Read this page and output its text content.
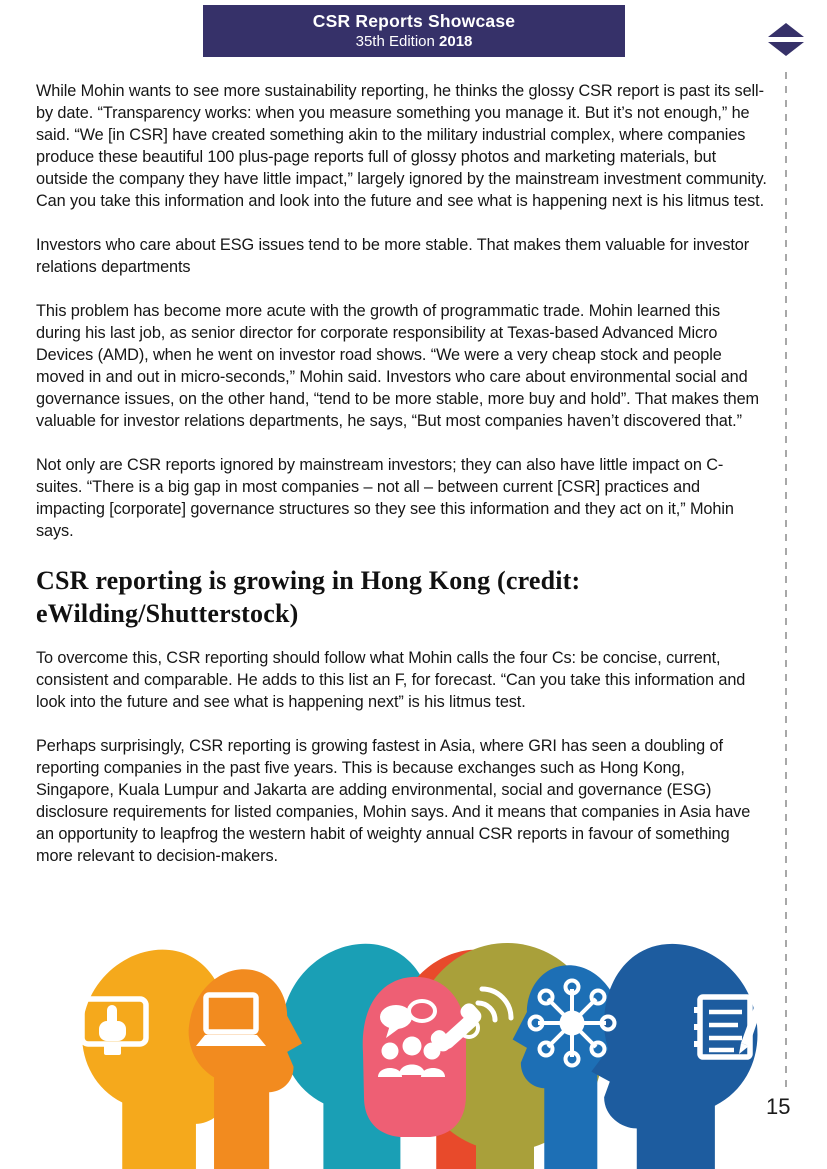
CSR Reports Showcase
35th Edition 2018

While Mohin wants to see more sustainability reporting, he thinks the glossy CSR report is past its sell-by date. “Transparency works: when you measure something you manage it. But it’s not enough,” he said. “We [in CSR] have created something akin to the military industrial complex, where companies produce these beautiful 100 plus-page reports full of glossy photos and marketing materials, but outside the company they have little impact,” largely ignored by the mainstream investment community. Can you take this information and look into the future and see what is happening next is his litmus test.

Investors who care about ESG issues tend to be more stable. That makes them valuable for investor relations departments

This problem has become more acute with the growth of programmatic trade. Mohin learned this during his last job, as senior director for corporate responsibility at Texas-based Advanced Micro Devices (AMD), when he went on investor road shows. “We were a very cheap stock and people moved in and out in micro-seconds,” Mohin said. Investors who care about environmental social and governance issues, on the other hand, “tend to be more stable, more buy and hold”. That makes them valuable for investor relations departments, he says, “But most companies haven’t discovered that.”

Not only are CSR reports ignored by mainstream investors; they can also have little impact on C-suites. “There is a big gap in most companies – not all – between current [CSR] practices and impacting [corporate] governance structures so they see this information and they act on it,” Mohin says.

CSR reporting is growing in Hong Kong (credit: eWilding/Shutterstock)

To overcome this, CSR reporting should follow what Mohin calls the four Cs: be concise, current, consistent and comparable. He adds to this list an F, for forecast. “Can you take this information and look into the future and see what is happening next” is his litmus test.

Perhaps surprisingly, CSR reporting is growing fastest in Asia, where GRI has seen a doubling of reporting companies in the past five years. This is because exchanges such as Hong Kong, Singapore, Kuala Lumpur and Jakarta are adding environmental, social and governance (ESG) disclosure requirements for listed companies, Mohin says. And it means that companies in Asia have an opportunity to leapfrog the western habit of weighty annual CSR reports in favour of something more relevant to decision-makers.

15
